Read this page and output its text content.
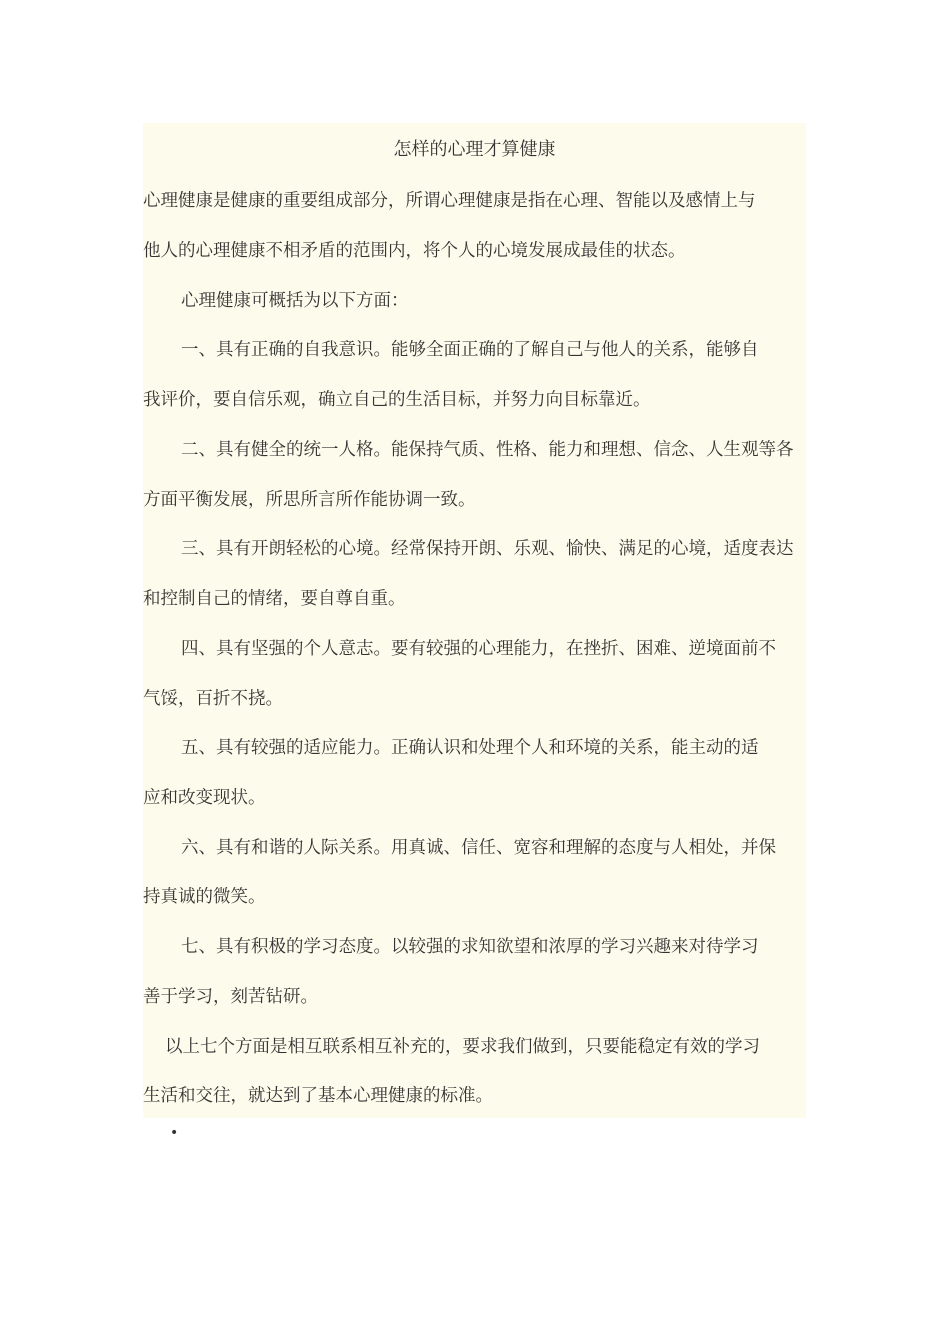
怎样的心理才算健康

心理健康是健康的重要组成部分，所谓心理健康是指在心理、智能以及感情上与

他人的心理健康不相矛盾的范围内，将个人的心境发展成最佳的状态。

心理健康可概括为以下方面：

一、具有正确的自我意识。能够全面正确的了解自己与他人的关系，能够自

我评价，要自信乐观，确立自己的生活目标，并努力向目标靠近。

二、具有健全的统一人格。能保持气质、性格、能力和理想、信念、人生观等各

方面平衡发展，所思所言所作能协调一致。

三、具有开朗轻松的心境。经常保持开朗、乐观、愉快、满足的心境，适度表达

和控制自己的情绪，要自尊自重。

四、具有坚强的个人意志。要有较强的心理能力，在挫折、困难、逆境面前不

气馁，百折不挠。

五、具有较强的适应能力。正确认识和处理个人和环境的关系，能主动的适

应和改变现状。

六、具有和谐的人际关系。用真诚、信任、宽容和理解的态度与人相处，并保

持真诚的微笑。

七、具有积极的学习态度。以较强的求知欲望和浓厚的学习兴趣来对待学习

善于学习，刻苦钻研。

以上七个方面是相互联系相互补充的，要求我们做到，只要能稳定有效的学习

生活和交往，就达到了基本心理健康的标准。

•
